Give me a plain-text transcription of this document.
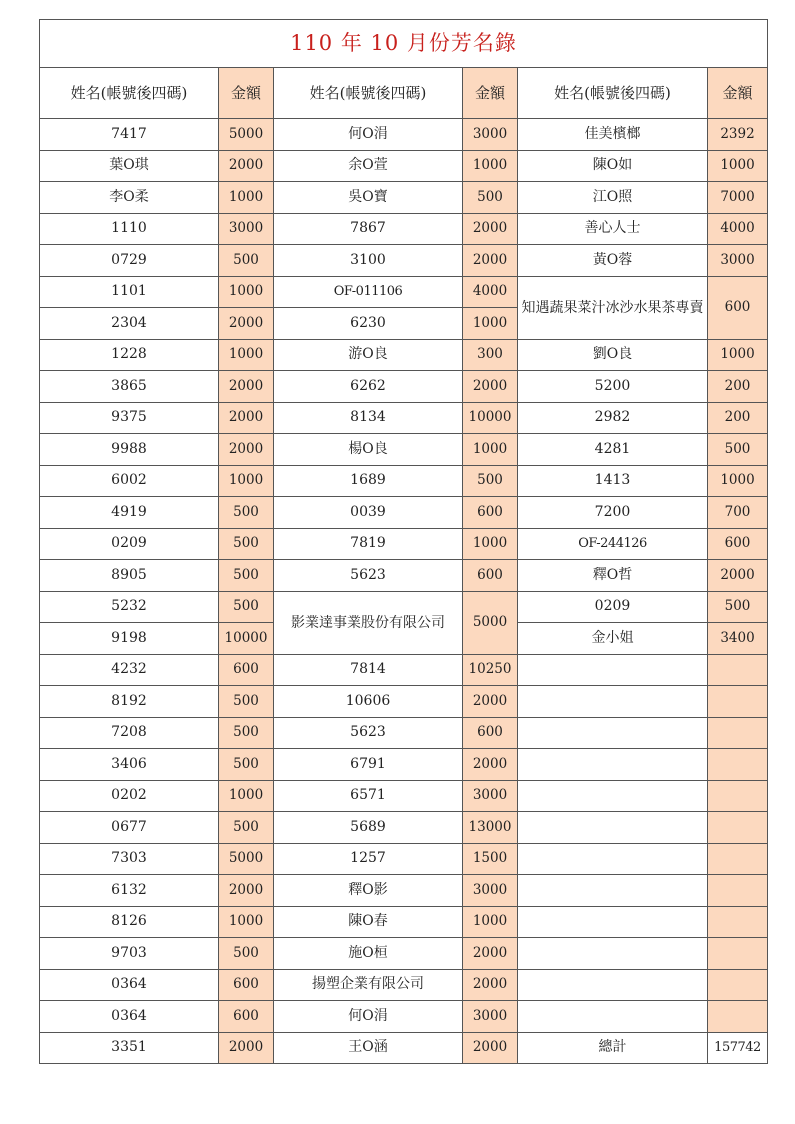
110 年 10 月份芳名錄					
姓名(帳號後四碼)	金額	姓名(帳號後四碼)	金額	姓名(帳號後四碼)	金額
7417	5000	何O涓	3000	佳美檳榔	2392
葉O琪	2000	余O萱	1000	陳O如	1000
李O柔	1000	吳O寶	500	江O照	7000
1110	3000	7867	2000	善心人士	4000
0729	500	3100	2000	黃O蓉	3000
1101	1000	OF-011106	4000	知遇蔬果菜汁冰沙水果茶專賣	600
2304	2000	6230	1000		
1228	1000	游O良	300	劉O良	1000
3865	2000	6262	2000	5200	200
9375	2000	8134	10000	2982	200
9988	2000	楊O良	1000	4281	500
6002	1000	1689	500	1413	1000
4919	500	0039	600	7200	700
0209	500	7819	1000	OF-244126	600
8905	500	5623	600	釋O哲	2000
5232	500	影業達事業股份有限公司	5000	0209	500
9198	10000			金小姐	3400
4232	600	7814	10250		
8192	500	10606	2000		
7208	500	5623	600		
3406	500	6791	2000		
0202	1000	6571	3000		
0677	500	5689	13000		
7303	5000	1257	1500		
6132	2000	釋O影	3000		
8126	1000	陳O春	1000		
9703	500	施O桓	2000		
0364	600	揚塑企業有限公司	2000		
0364	600	何O涓	3000		
3351	2000	王O涵	2000	總計	157742
